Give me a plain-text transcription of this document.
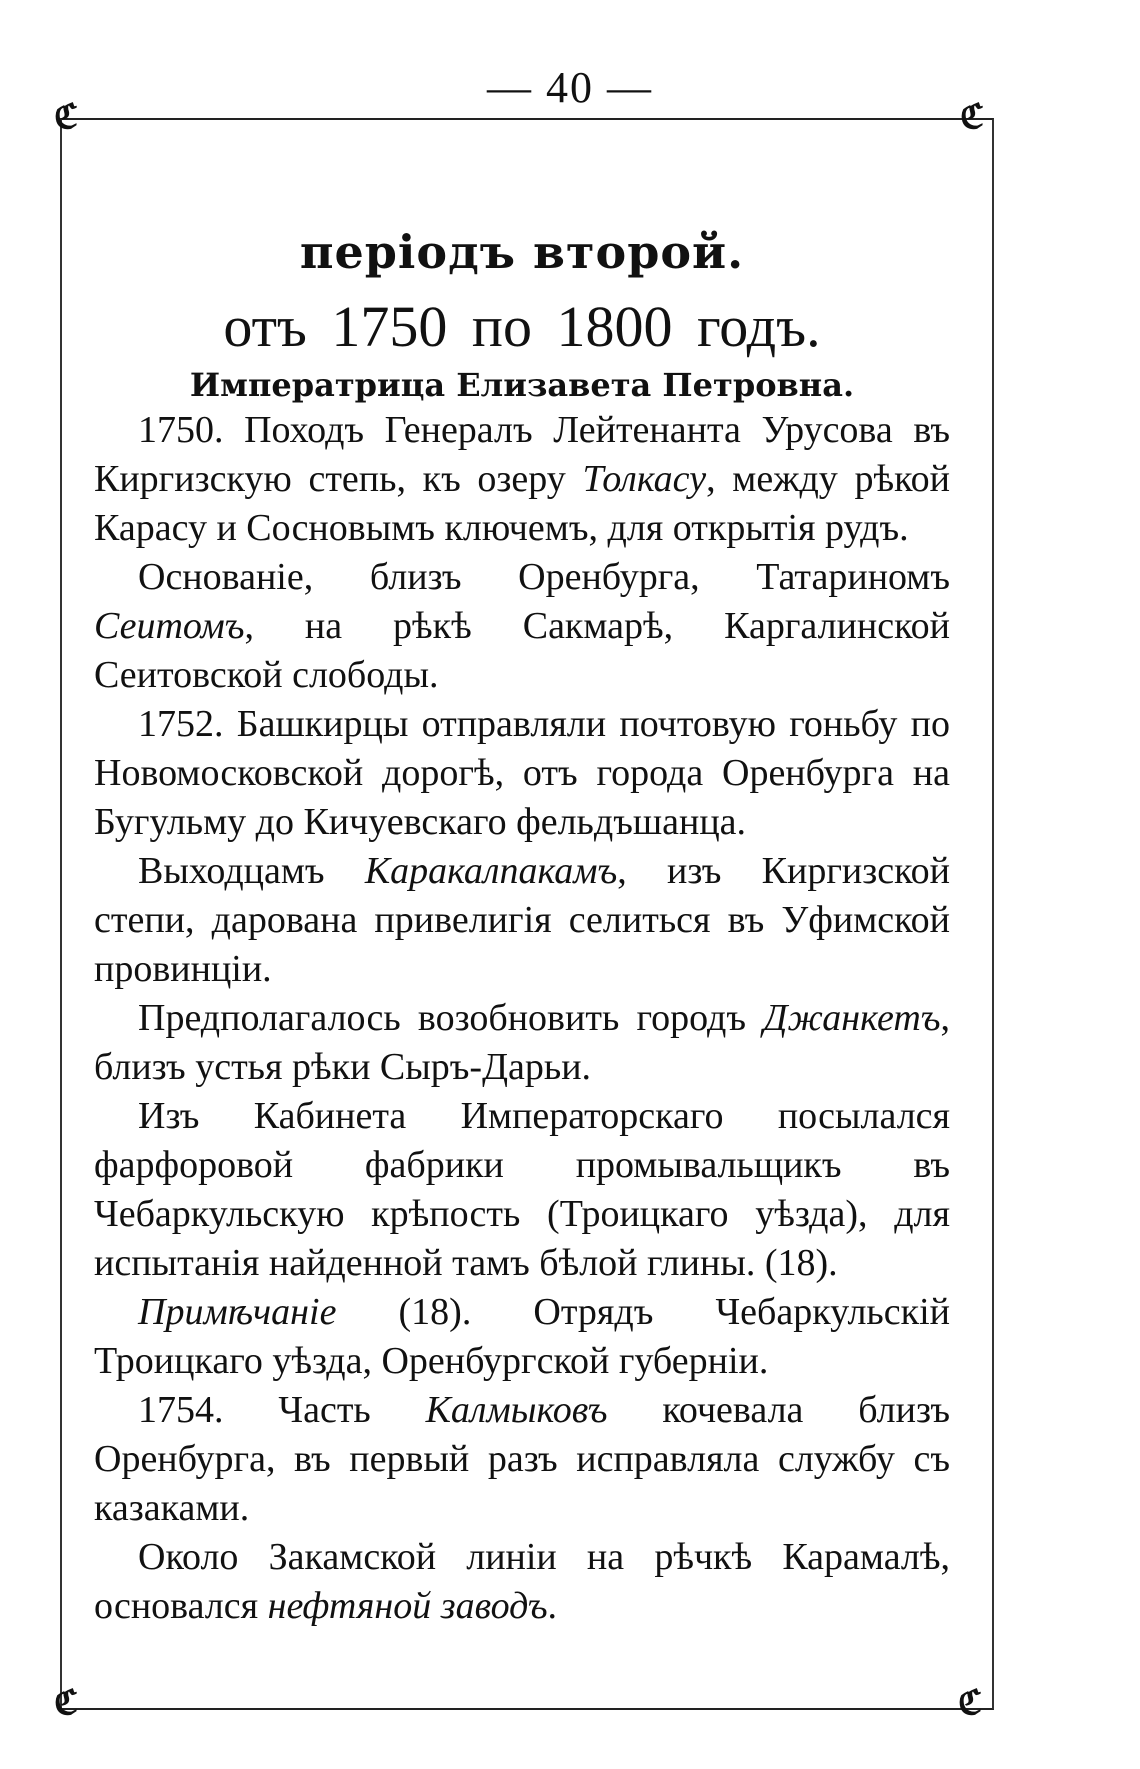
— 40 —
ℭ	ℭ
ℭ	ℭ
періодъ второй.
отъ 1750 по 1800 годъ.
Императрица Елизавета Петровна.

1750. Походъ Генералъ Лейтенанта Урусова въ Киргизскую степь, къ озеру Толкасу, между рѣкой Карасу и Сосновымъ ключемъ, для открытія рудъ.

Основаніе, близъ Оренбурга, Татариномъ Сеитомъ, на рѣкѣ Сакмарѣ, Каргалинской Сеитовской слободы.

1752. Башкирцы отправляли почтовую гоньбу по Новомосковской дорогѣ, отъ города Оренбурга на Бугульму до Кичуевскаго фельдъшанца.

Выходцамъ Каракалпакамъ, изъ Киргизской степи, дарована привелигія селиться въ Уфимской провинціи.

Предполагалось возобновить городъ Джанкетъ, близъ устья рѣки Сыръ-Дарьи.

Изъ Кабинета Императорскаго посылался фарфоровой фабрики промывальщикъ въ Чебаркульскую крѣпость (Троицкаго уѣзда), для испытанія найденной тамъ бѣлой глины. (18).

Примѣчаніе (18). Отрядъ Чебаркульскій Троицкаго уѣзда, Оренбургской губерніи.

1754. Часть Калмыковъ кочевала близъ Оренбурга, въ первый разъ исправляла службу съ казаками.

Около Закамской линіи на рѣчкѣ Карамалѣ, основался нефтяной заводъ.
